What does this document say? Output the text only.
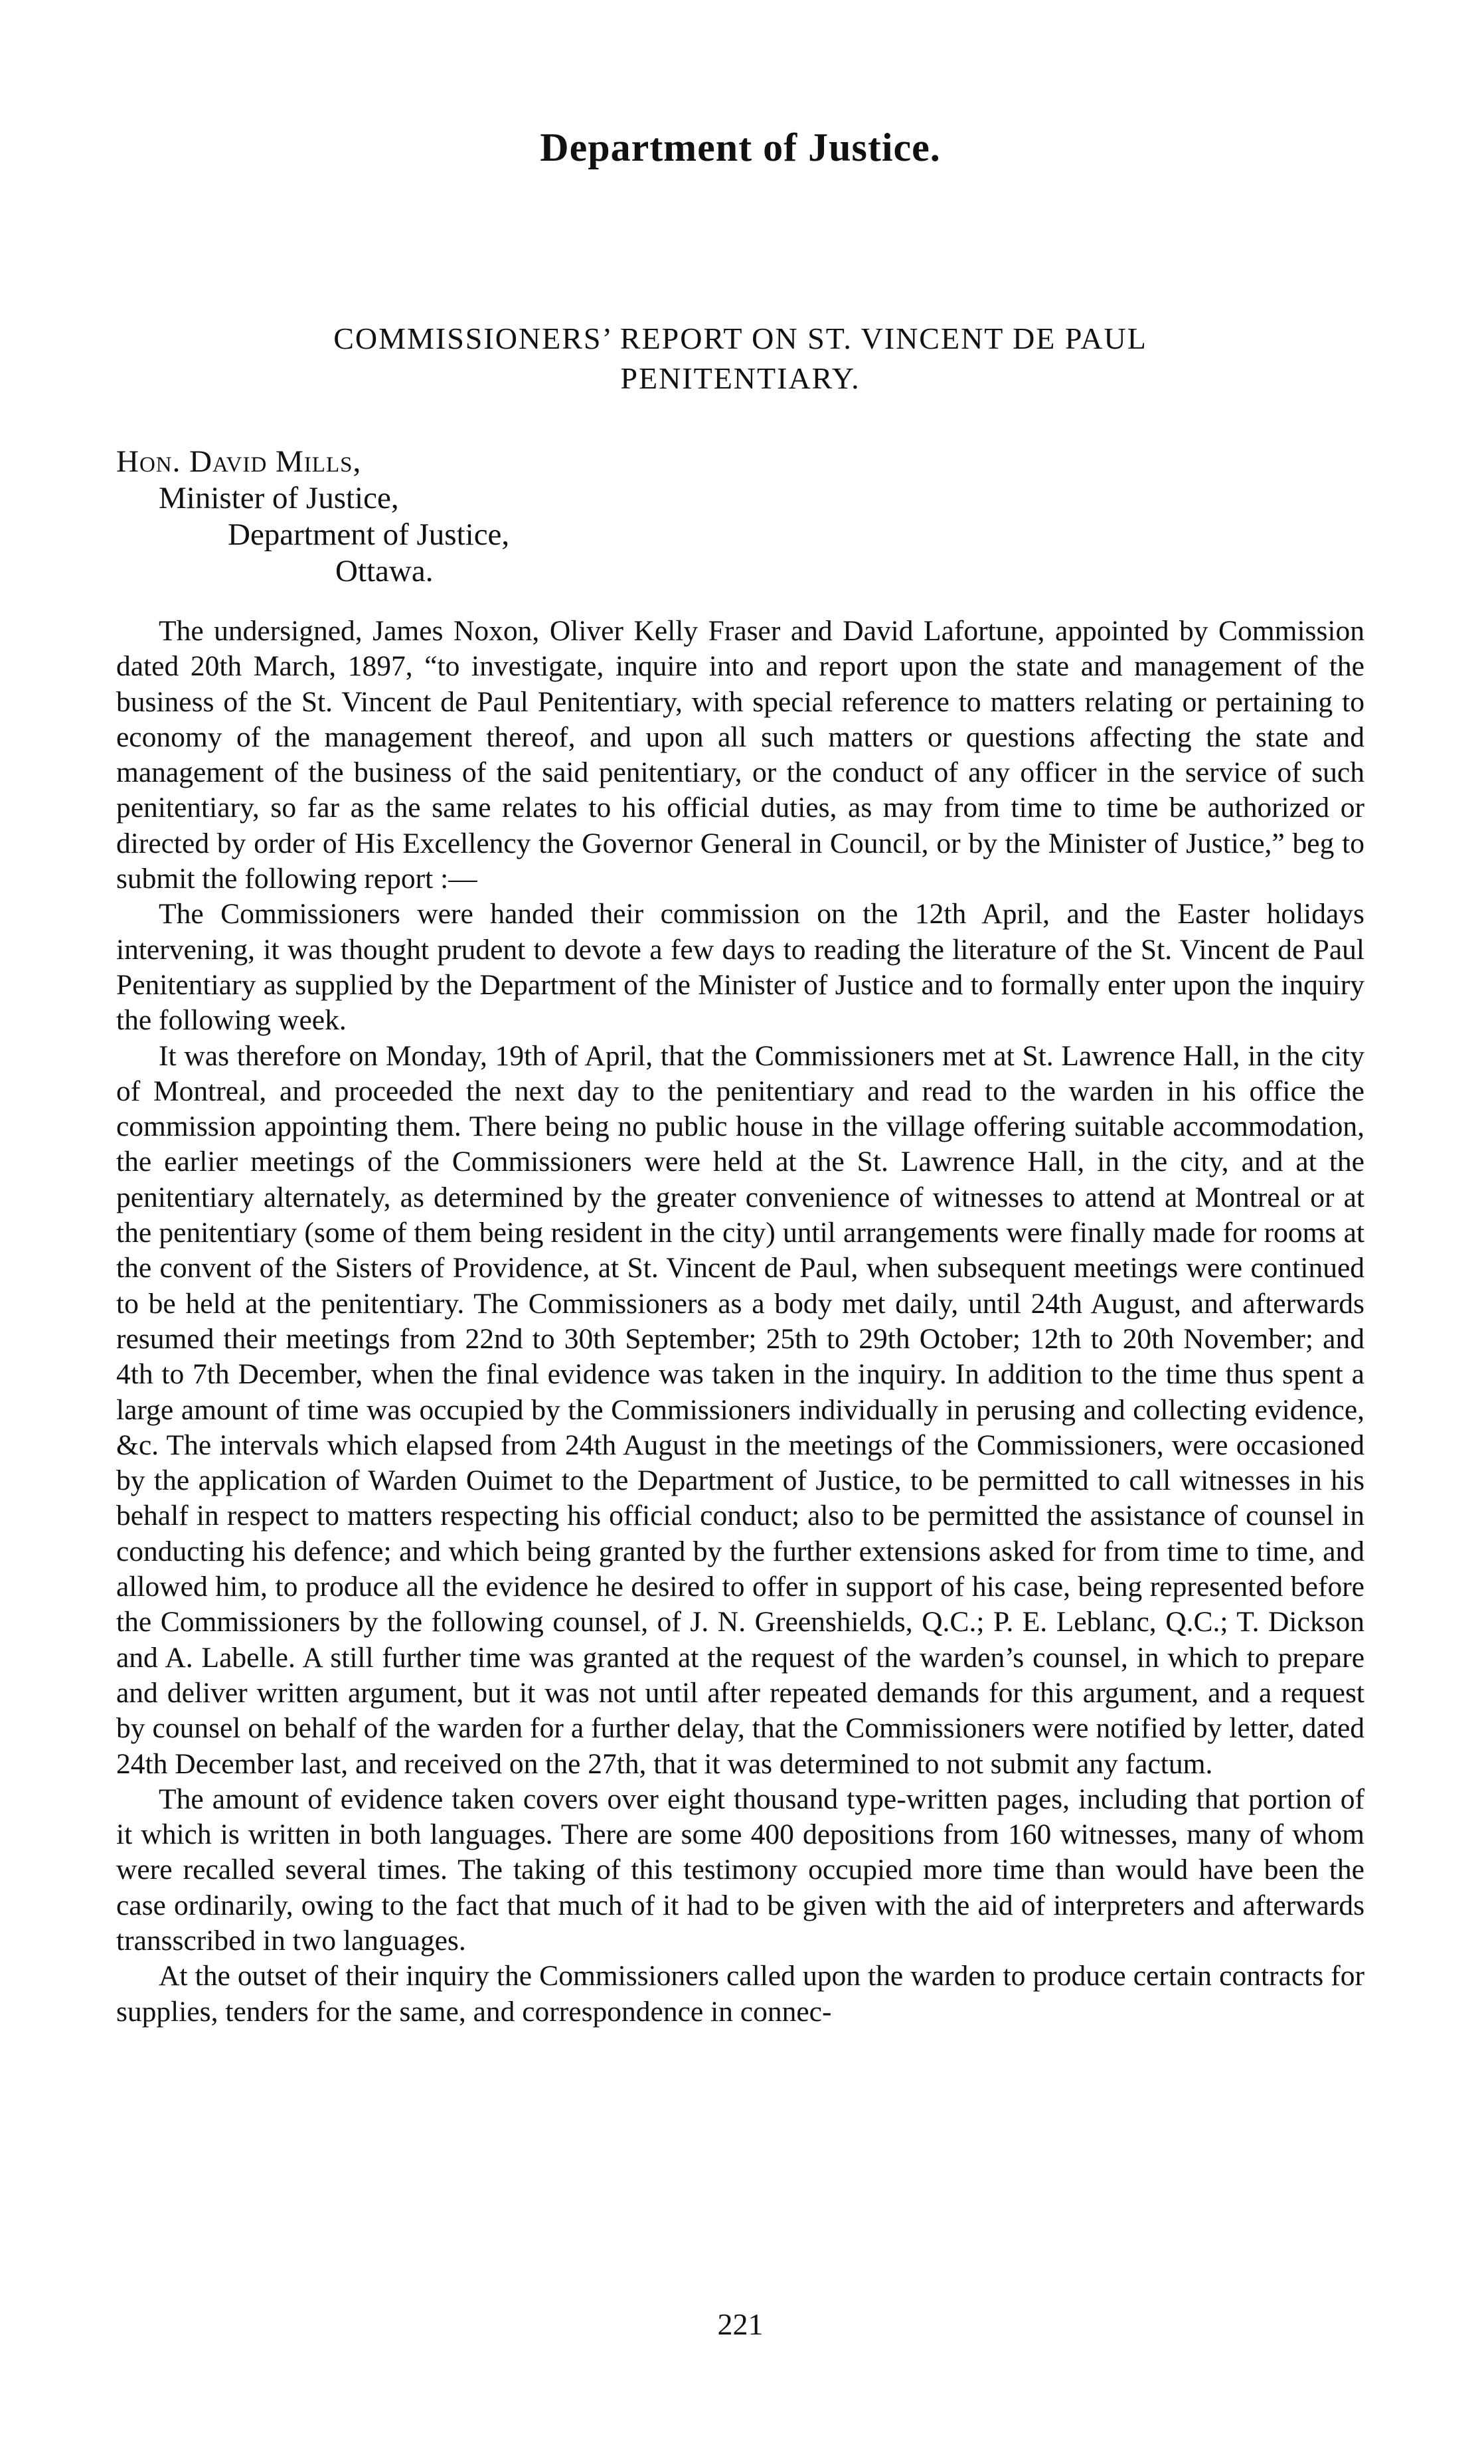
Department of Justice.
COMMISSIONERS’ REPORT ON ST. VINCENT DE PAUL
PENITENTIARY.
Hon. David Mills,
Minister of Justice,
Department of Justice,
Ottawa.

The undersigned, James Noxon, Oliver Kelly Fraser and David Lafortune, appointed by Commission dated 20th March, 1897, “to investigate, inquire into and report upon the state and management of the business of the St. Vincent de Paul Penitentiary, with special reference to matters relating or pertaining to economy of the management thereof, and upon all such matters or questions affecting the state and management of the business of the said penitentiary, or the conduct of any officer in the service of such penitentiary, so far as the same relates to his official duties, as may from time to time be authorized or directed by order of His Excellency the Governor General in Council, or by the Minister of Justice,” beg to submit the following report :—

The Commissioners were handed their commission on the 12th April, and the Easter holidays intervening, it was thought prudent to devote a few days to reading the literature of the St. Vincent de Paul Penitentiary as supplied by the Department of the Minister of Justice and to formally enter upon the inquiry the following week.

It was therefore on Monday, 19th of April, that the Commissioners met at St. Lawrence Hall, in the city of Montreal, and proceeded the next day to the penitentiary and read to the warden in his office the commission appointing them. There being no public house in the village offering suitable accommodation, the earlier meetings of the Commissioners were held at the St. Lawrence Hall, in the city, and at the penitentiary alternately, as determined by the greater convenience of witnesses to attend at Montreal or at the penitentiary (some of them being resident in the city) until arrangements were finally made for rooms at the convent of the Sisters of Providence, at St. Vincent de Paul, when subsequent meetings were continued to be held at the penitentiary. The Commissioners as a body met daily, until 24th August, and afterwards resumed their meetings from 22nd to 30th September; 25th to 29th October; 12th to 20th November; and 4th to 7th December, when the final evidence was taken in the inquiry. In addition to the time thus spent a large amount of time was occupied by the Commissioners individually in perusing and collecting evidence, &c. The intervals which elapsed from 24th August in the meetings of the Commissioners, were occasioned by the application of Warden Ouimet to the Department of Justice, to be permitted to call witnesses in his behalf in respect to matters respecting his official conduct; also to be permitted the assistance of counsel in conducting his defence; and which being granted by the further extensions asked for from time to time, and allowed him, to produce all the evidence he desired to offer in support of his case, being represented before the Commissioners by the following counsel, of J. N. Greenshields, Q.C.; P. E. Leblanc, Q.C.; T. Dickson and A. Labelle. A still further time was granted at the request of the warden’s counsel, in which to prepare and deliver written argument, but it was not until after repeated demands for this argument, and a request by counsel on behalf of the warden for a further delay, that the Commissioners were notified by letter, dated 24th December last, and received on the 27th, that it was determined to not submit any factum.

The amount of evidence taken covers over eight thousand type-written pages, including that portion of it which is written in both languages. There are some 400 depositions from 160 witnesses, many of whom were recalled several times. The taking of this testimony occupied more time than would have been the case ordinarily, owing to the fact that much of it had to be given with the aid of interpreters and afterwards transscribed in two languages.

At the outset of their inquiry the Commissioners called upon the warden to produce certain contracts for supplies, tenders for the same, and correspondence in connec-

221
